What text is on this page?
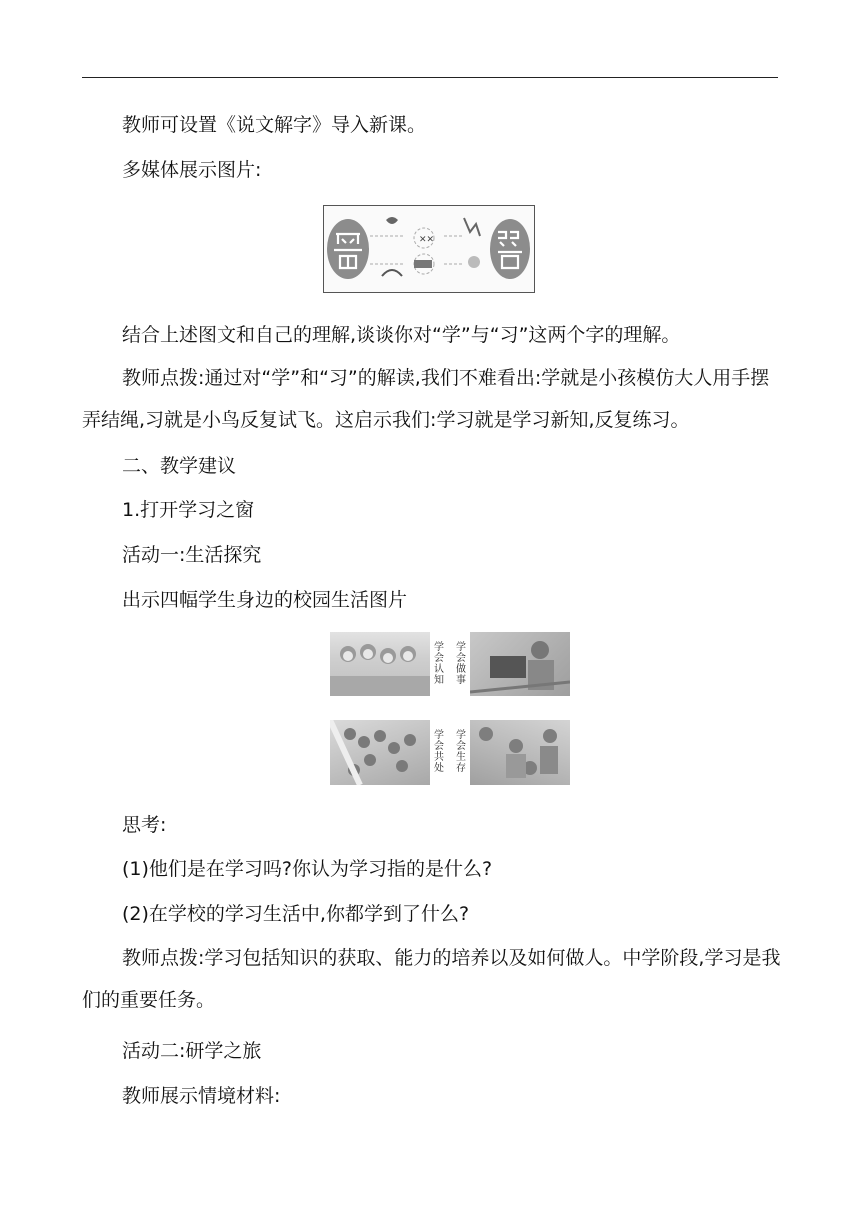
教师可设置《说文解字》导入新课。

多媒体展示图片:

✕✕

结合上述图文和自己的理解,谈谈你对“学”与“习”这两个字的理解。

教师点拨:通过对“学”和“习”的解读,我们不难看出:学就是小孩模仿大人用手摆弄结绳,习就是小鸟反复试飞。这启示我们:学习就是学习新知,反复练习。

二、教学建议

1.打开学习之窗

活动一:生活探究

出示四幅学生身边的校园生活图片

学会认知
学会做事
学会共处
学会生存

思考:

(1)他们是在学习吗?你认为学习指的是什么?

(2)在学校的学习生活中,你都学到了什么?

教师点拨:学习包括知识的获取、能力的培养以及如何做人。中学阶段,学习是我们的重要任务。

活动二:研学之旅

教师展示情境材料:
